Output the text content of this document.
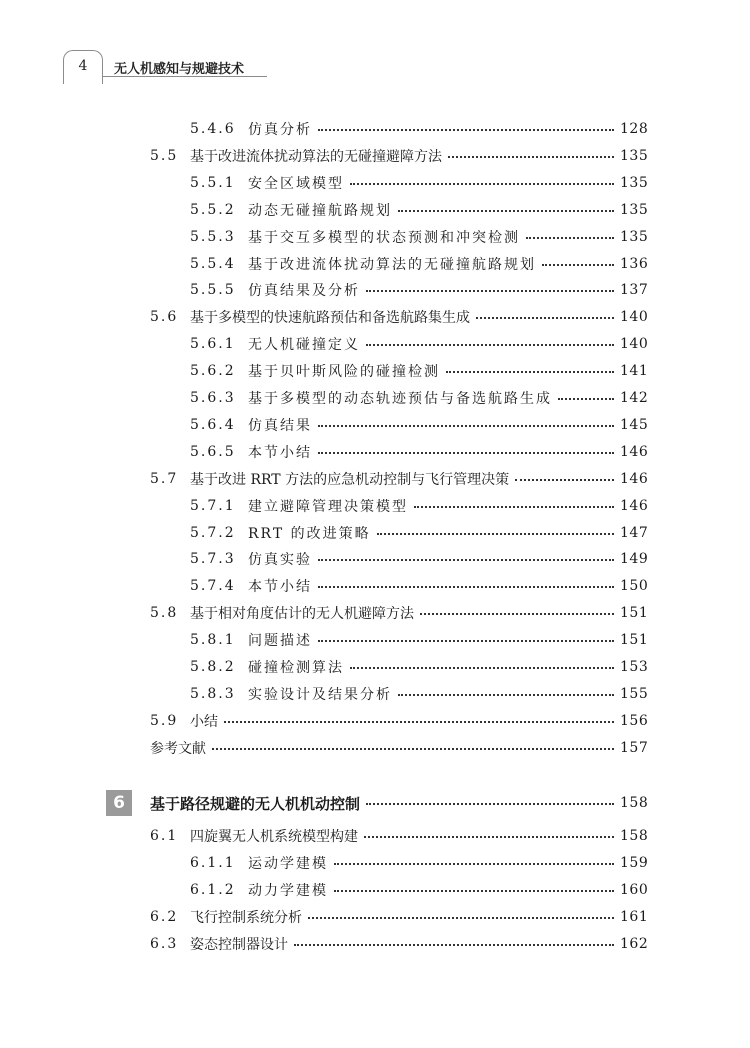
4	无人机感知与规避技术
5.4.6 仿真分析	128
5.5 基于改进流体扰动算法的无碰撞避障方法	135
5.5.1 安全区域模型	135
5.5.2 动态无碰撞航路规划	135
5.5.3 基于交互多模型的状态预测和冲突检测	135
5.5.4 基于改进流体扰动算法的无碰撞航路规划	136
5.5.5 仿真结果及分析	137
5.6 基于多模型的快速航路预估和备选航路集生成	140
5.6.1 无人机碰撞定义	140
5.6.2 基于贝叶斯风险的碰撞检测	141
5.6.3 基于多模型的动态轨迹预估与备选航路生成	142
5.6.4 仿真结果	145
5.6.5 本节小结	146
5.7 基于改进 RRT 方法的应急机动控制与飞行管理决策	146
5.7.1 建立避障管理决策模型	146
5.7.2 RRT 的改进策略	147
5.7.3 仿真实验	149
5.7.4 本节小结	150
5.8 基于相对角度估计的无人机避障方法	151
5.8.1 问题描述	151
5.8.2 碰撞检测算法	153
5.8.3 实验设计及结果分析	155
5.9 小结	156
参考文献	157
6	基于路径规避的无人机机动控制	158
6.1 四旋翼无人机系统模型构建	158
6.1.1 运动学建模	159
6.1.2 动力学建模	160
6.2 飞行控制系统分析	161
6.3 姿态控制器设计	162
